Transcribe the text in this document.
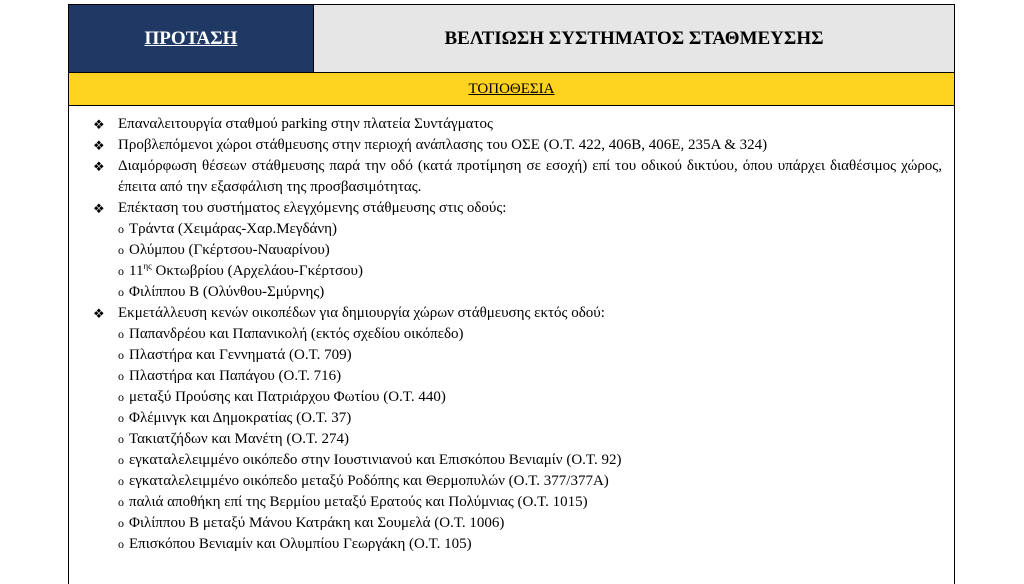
ΠΡΟΤΑΣΗ	ΒΕΛΤΙΩΣΗ ΣΥΣΤΗΜΑΤΟΣ ΣΤΑΘΜΕΥΣΗΣ
ΤΟΠΟΘΕΣΙΑ
❖ Επαναλειτουργία σταθμού parking στην πλατεία Συντάγματος
❖ Προβλεπόμενοι χώροι στάθμευσης στην περιοχή ανάπλασης του ΟΣΕ (Ο.Τ. 422, 406Β, 406Ε, 235Α & 324)
❖ Διαμόρφωση θέσεων στάθμευσης παρά την οδό (κατά προτίμηση σε εσοχή) επί του οδικού δικτύου, όπου υπάρχει διαθέσιμος χώρος, έπειτα από την εξασφάλιση της προσβασιμότητας.
❖ Επέκταση του συστήματος ελεγχόμενης στάθμευσης στις οδούς:
o Τράντα (Χειμάρας-Χαρ.Μεγδάνη)
o Ολύμπου (Γκέρτσου-Ναυαρίνου)
o $11^{\eta\varsigma}$ Οκτωβρίου (Αρχελάου-Γκέρτσου)
o Φιλίππου Β (Ολύνθου-Σμύρνης)
❖ Εκμετάλλευση κενών οικοπέδων για δημιουργία χώρων στάθμευσης εκτός οδού:
o Παπανδρέου και Παπανικολή (εκτός σχεδίου οικόπεδο)
o Πλαστήρα και Γεννηματά (Ο.Τ. 709)
o Πλαστήρα και Παπάγου (Ο.Τ. 716)
o μεταξύ Προύσης και Πατριάρχου Φωτίου (Ο.Τ. 440)
o Φλέμινγκ και Δημοκρατίας (Ο.Τ. 37)
o Τακιατζήδων και Μανέτη (Ο.Τ. 274)
o εγκαταλελειμμένο οικόπεδο στην Ιουστινιανού και Επισκόπου Βενιαμίν (Ο.Τ. 92)
o εγκαταλελειμμένο οικόπεδο μεταξύ Ροδόπης και Θερμοπυλών (Ο.Τ. 377/377Α)
o παλιά αποθήκη επί της Βερμίου μεταξύ Ερατούς και Πολύμνιας (Ο.Τ. 1015)
o Φιλίππου Β μεταξύ Μάνου Κατράκη και Σουμελά (Ο.Τ. 1006)
o Επισκόπου Βενιαμίν και Ολυμπίου Γεωργάκη (Ο.Τ. 105)
